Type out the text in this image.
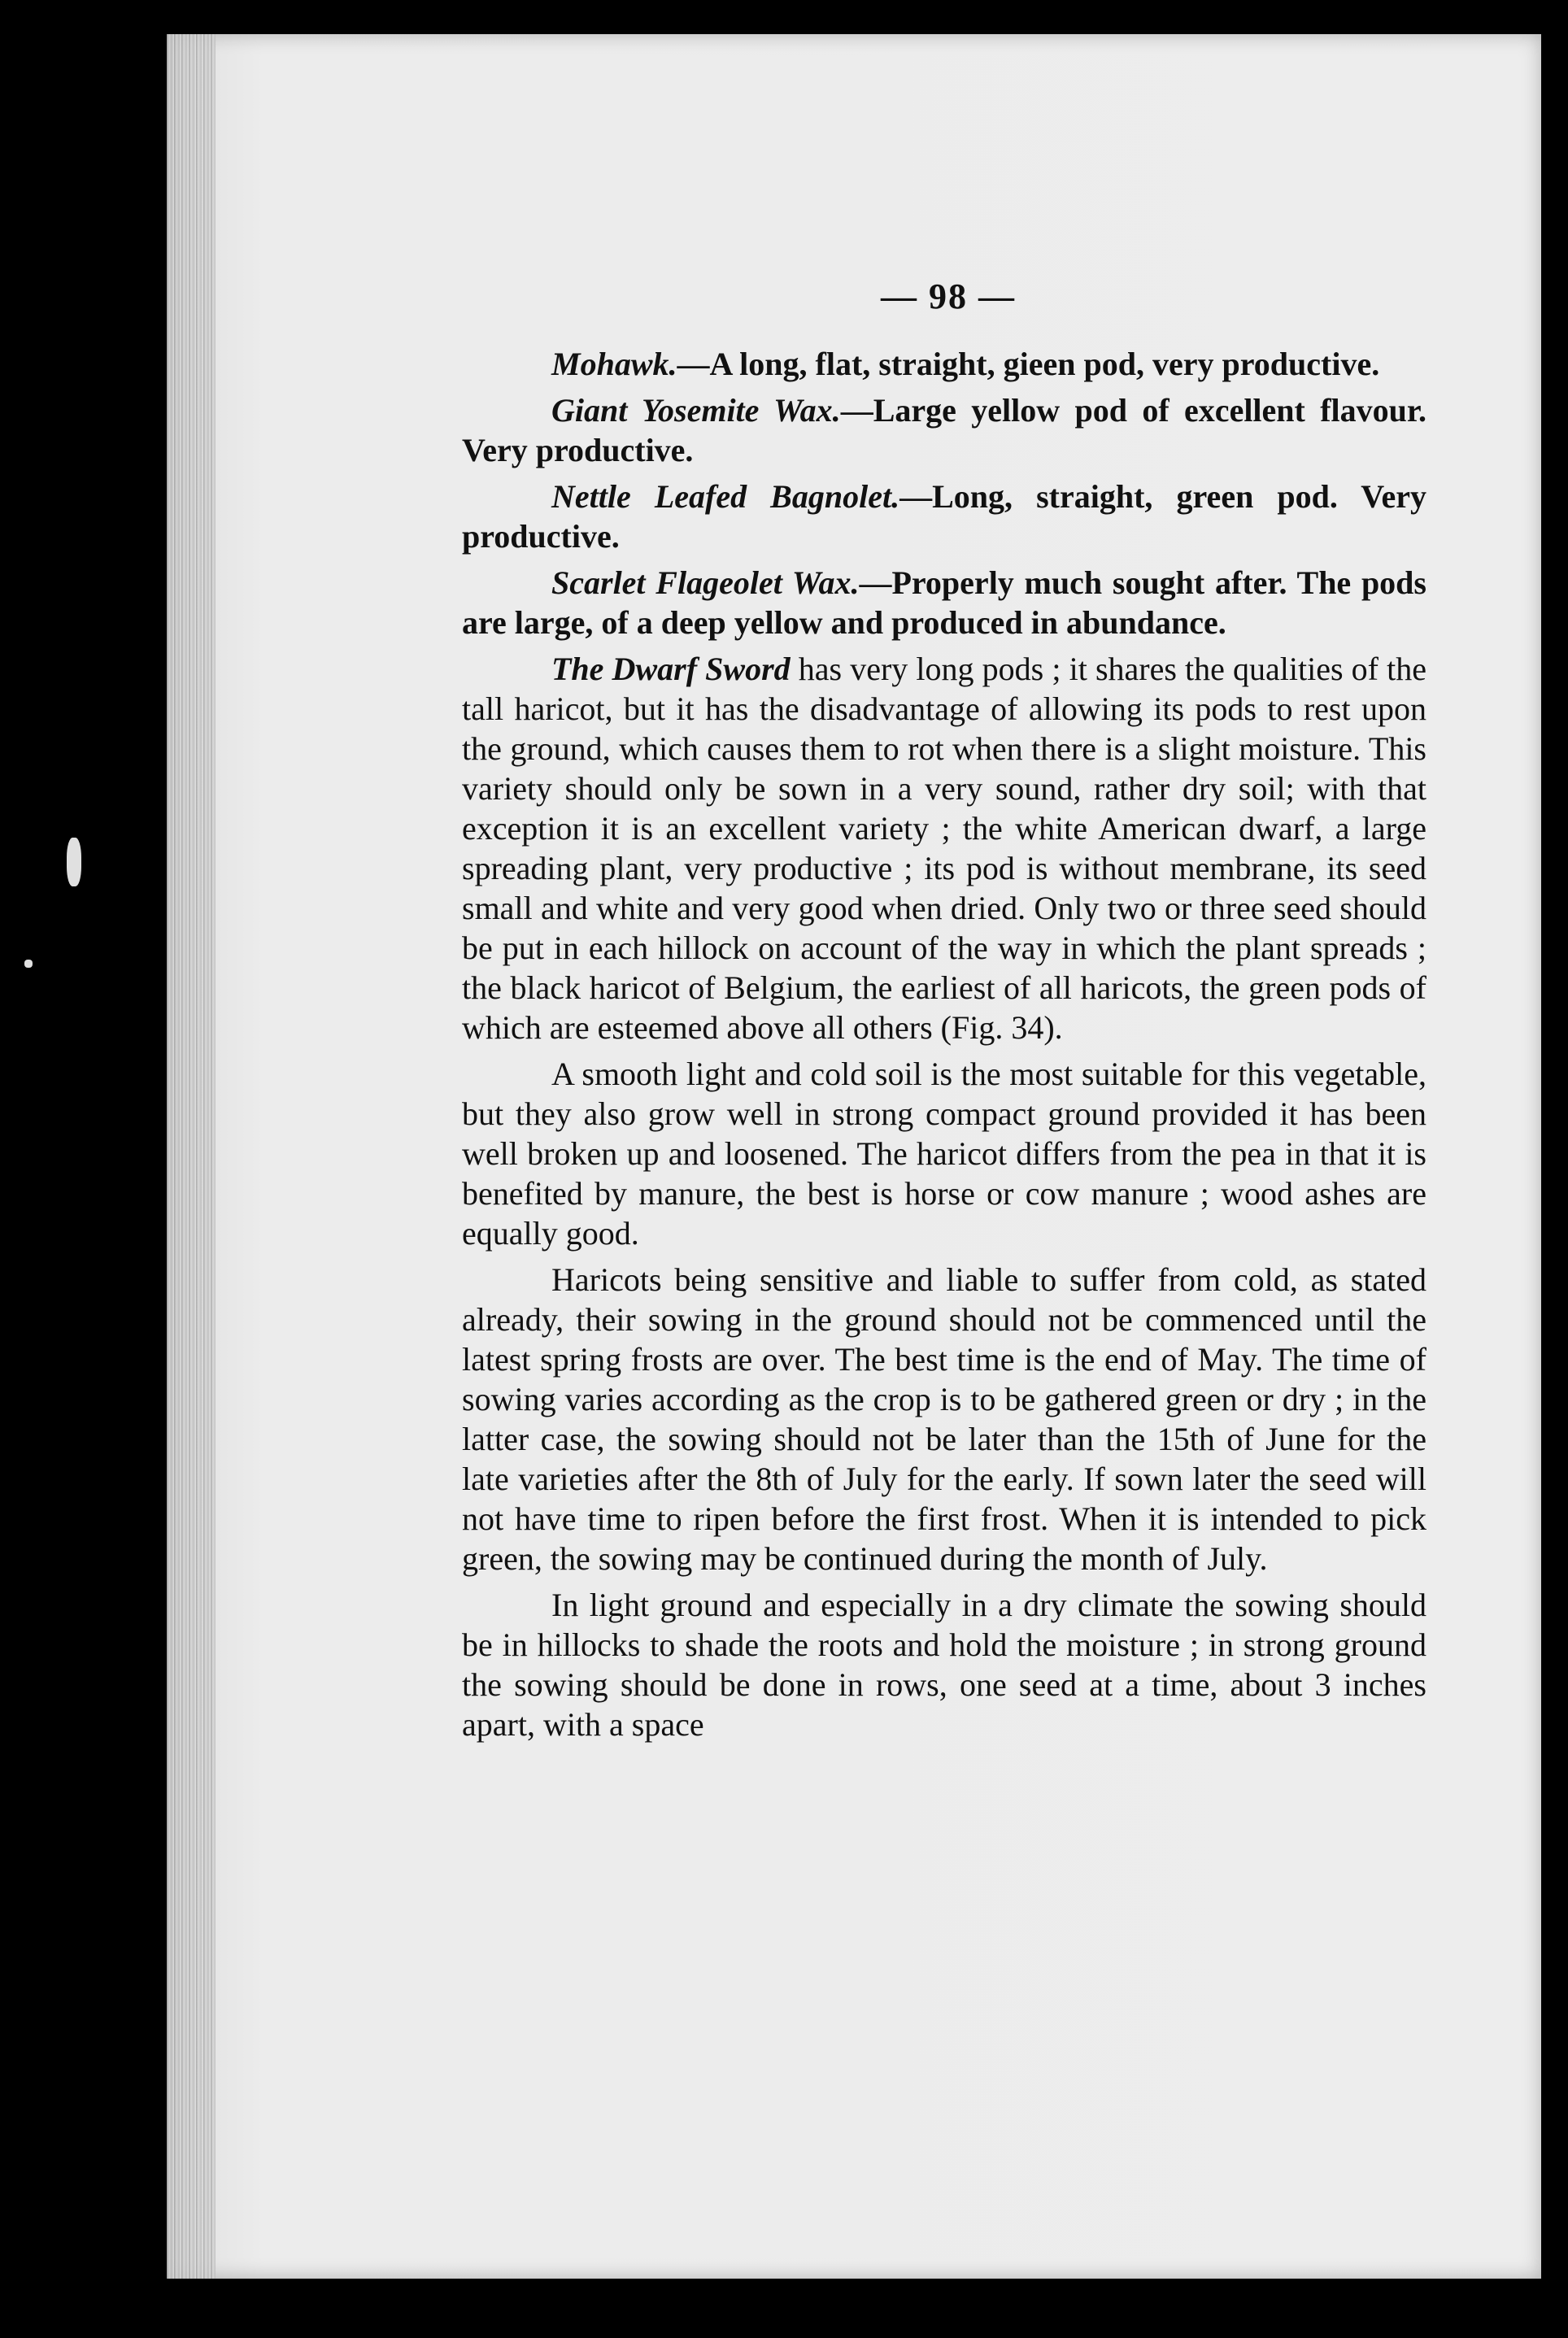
— 98 —

Mohawk.—A long, flat, straight, gieen pod, very productive.

Giant Yosemite Wax.—Large yellow pod of excellent flavour. Very productive.

Nettle Leafed Bagnolet.—Long, straight, green pod. Very productive.

Scarlet Flageolet Wax.—Properly much sought after. The pods are large, of a deep yellow and produced in abundance.

The Dwarf Sword has very long pods ; it shares the qualities of the tall haricot, but it has the disadvantage of allowing its pods to rest upon the ground, which causes them to rot when there is a slight moisture. This variety should only be sown in a very sound, rather dry soil; with that exception it is an excellent variety ; the white American dwarf, a large spreading plant, very productive ; its pod is without membrane, its seed small and white and very good when dried. Only two or three seed should be put in each hillock on account of the way in which the plant spreads ; the black haricot of Belgium, the earliest of all haricots, the green pods of which are esteemed above all others (Fig. 34).

A smooth light and cold soil is the most suitable for this vegetable, but they also grow well in strong compact ground provided it has been well broken up and loosened. The haricot differs from the pea in that it is benefited by manure, the best is horse or cow manure ; wood ashes are equally good.

Haricots being sensitive and liable to suffer from cold, as stated already, their sowing in the ground should not be commenced until the latest spring frosts are over. The best time is the end of May. The time of sowing varies according as the crop is to be gathered green or dry ; in the latter case, the sowing should not be later than the 15th of June for the late varieties after the 8th of July for the early. If sown later the seed will not have time to ripen before the first frost. When it is intended to pick green, the sowing may be continued during the month of July.

In light ground and especially in a dry climate the sowing should be in hillocks to shade the roots and hold the moisture ; in strong ground the sowing should be done in rows, one seed at a time, about 3 inches apart, with a space
